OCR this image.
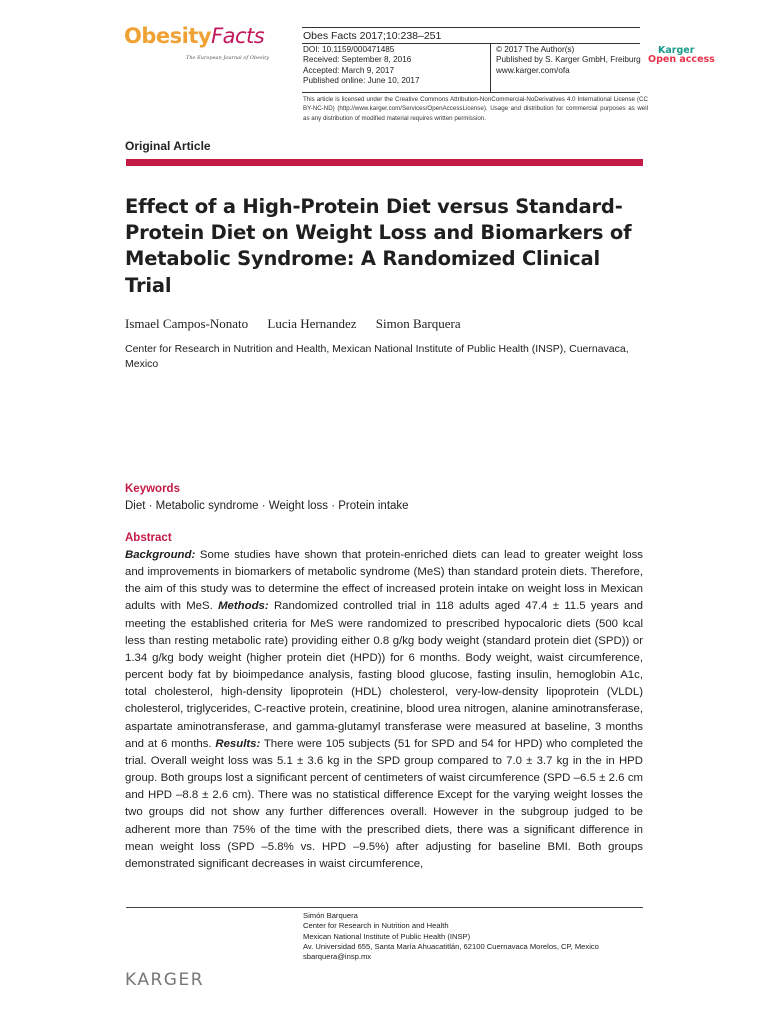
ObesityFacts
The European Journal of Obesity
Obes Facts 2017;10:238–251
DOI: 10.1159/000471485
Received: September 8, 2016
Accepted: March 9, 2017
Published online: June 10, 2017
© 2017 The Author(s)
Published by S. Karger GmbH, Freiburg
www.karger.com/ofa
This article is licensed under the Creative Commons Attribution-NonCommercial-NoDerivatives 4.0 International License (CC BY-NC-ND) (http://www.karger.com/Services/OpenAccessLicense). Usage and distribution for commercial purposes as well as any distribution of modified material requires written permission.
Karger
Open access
Original Article
Effect of a High-Protein Diet versus Standard-Protein Diet on Weight Loss and Biomarkers of Metabolic Syndrome: A Randomized Clinical Trial
Ismael Campos-Nonato Lucia Hernandez Simon Barquera
Center for Research in Nutrition and Health, Mexican National Institute of Public Health (INSP), Cuernavaca, Mexico
Keywords
Diet · Metabolic syndrome · Weight loss · Protein intake
Abstract
Background: Some studies have shown that protein-enriched diets can lead to greater weight loss and improvements in biomarkers of metabolic syndrome (MeS) than standard protein diets. Therefore, the aim of this study was to determine the effect of increased protein intake on weight loss in Mexican adults with MeS. Methods: Randomized controlled trial in 118 adults aged 47.4 ± 11.5 years and meeting the established criteria for MeS were randomized to prescribed hypocaloric diets (500 kcal less than resting metabolic rate) providing either 0.8 g/kg body weight (standard protein diet (SPD)) or 1.34 g/kg body weight (higher protein diet (HPD)) for 6 months. Body weight, waist circumference, percent body fat by bioimpedance analysis, fasting blood glucose, fasting insulin, hemoglobin A1c, total cholesterol, high-density lipoprotein (HDL) cholesterol, very-low-density lipoprotein (VLDL) cholesterol, triglycerides, C-reactive protein, creatinine, blood urea nitrogen, alanine aminotransferase, aspartate aminotransferase, and gamma-glutamyl transferase were measured at baseline, 3 months and at 6 months. Results: There were 105 subjects (51 for SPD and 54 for HPD) who completed the trial. Overall weight loss was 5.1 ± 3.6 kg in the SPD group compared to 7.0 ± 3.7 kg in the in HPD group. Both groups lost a significant percent of centimeters of waist circumference (SPD –6.5 ± 2.6 cm and HPD –8.8 ± 2.6 cm). There was no statistical difference Except for the varying weight losses the two groups did not show any further differences overall. However in the subgroup judged to be adherent more than 75% of the time with the prescribed diets, there was a significant difference in mean weight loss (SPD –5.8% vs. HPD –9.5%) after adjusting for baseline BMI. Both groups demonstrated significant decreases in waist circumference,
Simón Barquera
Center for Research in Nutrition and Health
Mexican National Institute of Public Health (INSP)
Av. Universidad 655, Santa María Ahuacatitlán, 62100 Cuernavaca Morelos, CP, Mexico
sbarquera@insp.mx
KARGER
